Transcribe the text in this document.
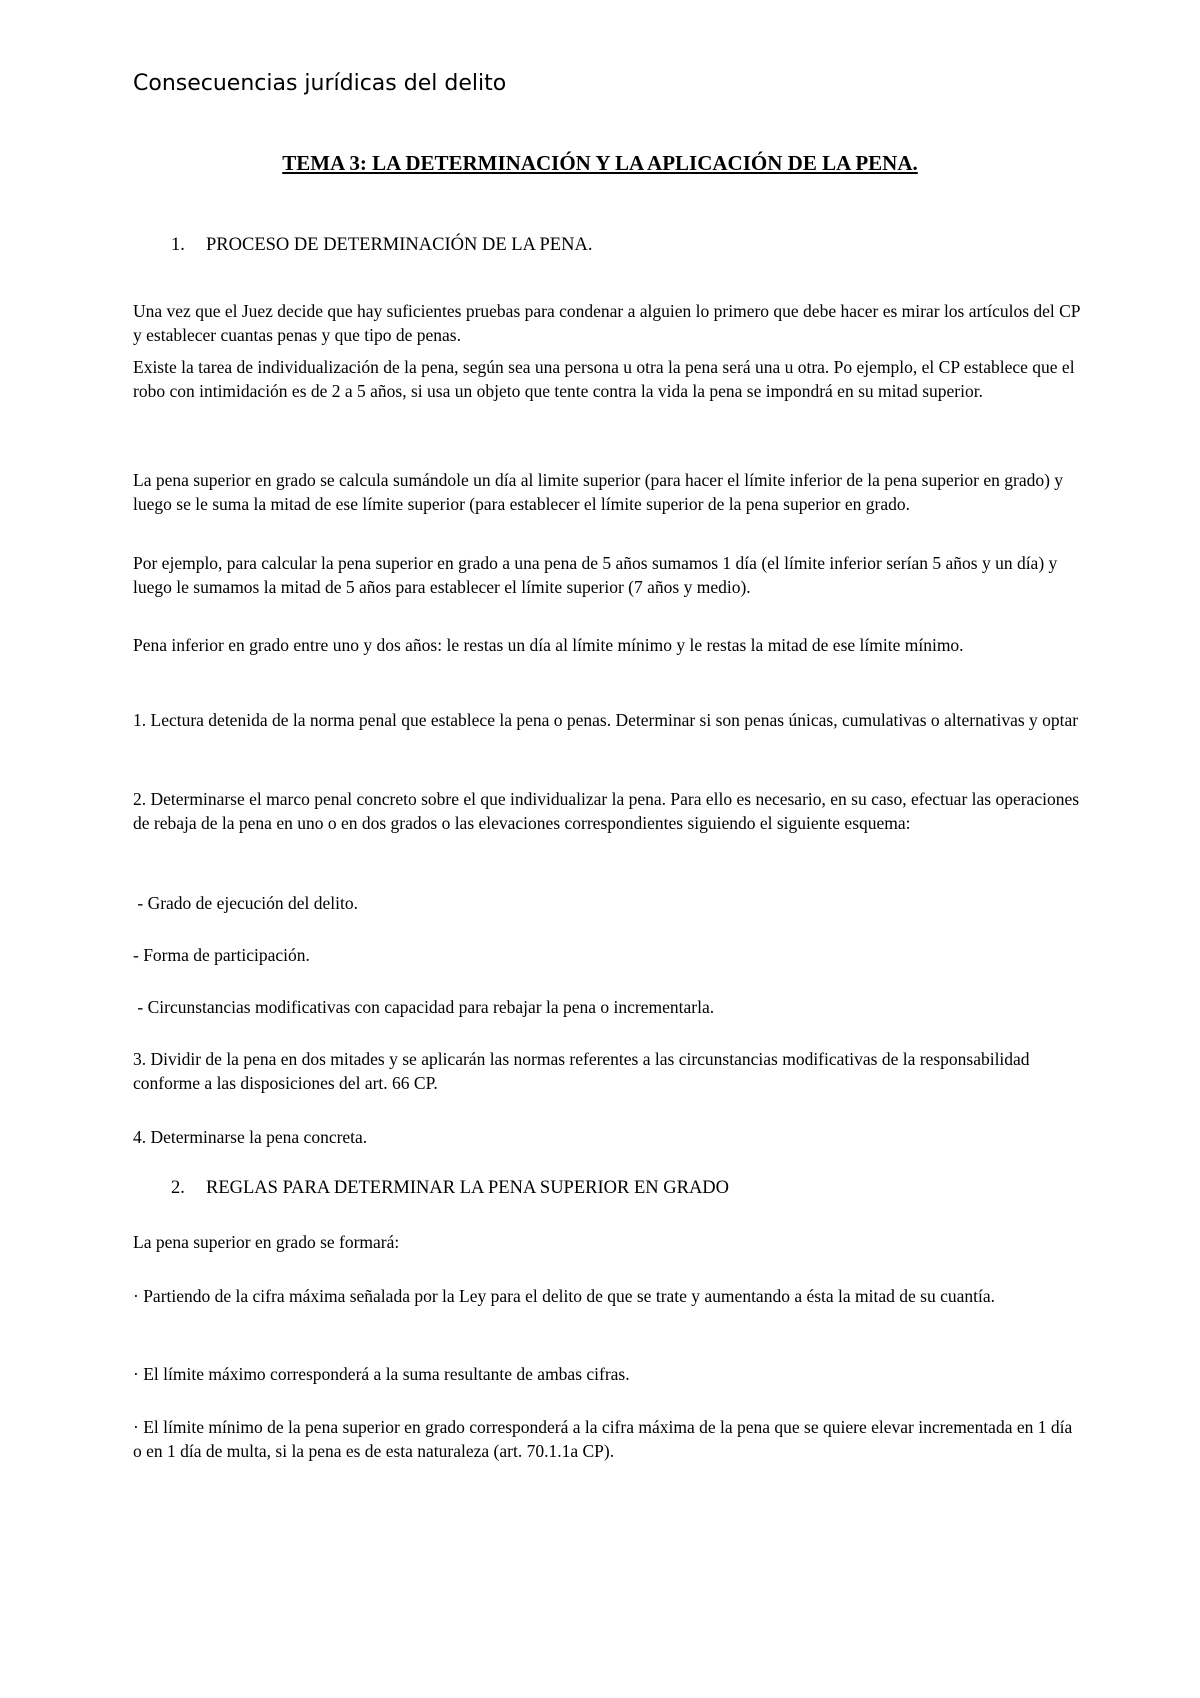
Consecuencias jurídicas del delito
TEMA 3: LA DETERMINACIÓN Y LA APLICACIÓN DE LA PENA.
1. PROCESO DE DETERMINACIÓN DE LA PENA.
Una vez que el Juez decide que hay suficientes pruebas para condenar a alguien lo primero que debe hacer es mirar los artículos del CP y establecer cuantas penas y que tipo de penas.
Existe la tarea de individualización de la pena, según sea una persona u otra la pena será una u otra. Po ejemplo, el CP establece que el robo con intimidación es de 2 a 5 años, si usa un objeto que tente contra la vida la pena se impondrá en su mitad superior.
La pena superior en grado se calcula sumándole un día al limite superior (para hacer el límite inferior de la pena superior en grado) y luego se le suma la mitad de ese límite superior (para establecer el límite superior de la pena superior en grado.
Por ejemplo, para calcular la pena superior en grado a una pena de 5 años sumamos 1 día (el límite inferior serían 5 años y un día) y luego le sumamos la mitad de 5 años para establecer el límite superior (7 años y medio).
Pena inferior en grado entre uno y dos años: le restas un día al límite mínimo y le restas la mitad de ese límite mínimo.
1. Lectura detenida de la norma penal que establece la pena o penas. Determinar si son penas únicas, cumulativas o alternativas y optar
2. Determinarse el marco penal concreto sobre el que individualizar la pena. Para ello es necesario, en su caso, efectuar las operaciones de rebaja de la pena en uno o en dos grados o las elevaciones correspondientes siguiendo el siguiente esquema:
- Grado de ejecución del delito.
- Forma de participación.
- Circunstancias modificativas con capacidad para rebajar la pena o incrementarla.
3. Dividir de la pena en dos mitades y se aplicarán las normas referentes a las circunstancias modificativas de la responsabilidad conforme a las disposiciones del art. 66 CP.
4. Determinarse la pena concreta.
2. REGLAS PARA DETERMINAR LA PENA SUPERIOR EN GRADO
La pena superior en grado se formará:
· Partiendo de la cifra máxima señalada por la Ley para el delito de que se trate y aumentando a ésta la mitad de su cuantía.
· El límite máximo corresponderá a la suma resultante de ambas cifras.
· El límite mínimo de la pena superior en grado corresponderá a la cifra máxima de la pena que se quiere elevar incrementada en 1 día o en 1 día de multa, si la pena es de esta naturaleza (art. 70.1.1a CP).
